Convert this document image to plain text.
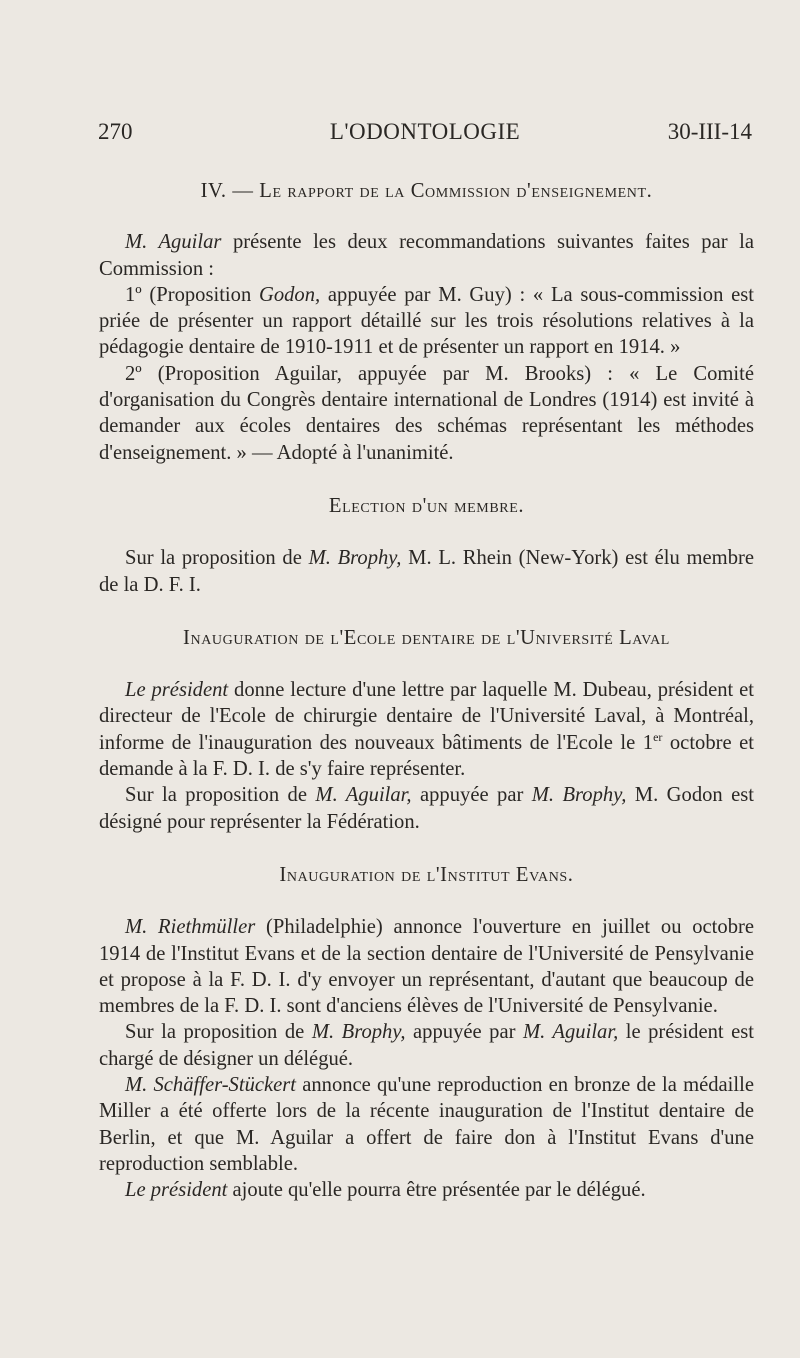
270	L'ODONTOLOGIE	30-III-14
IV. — Le rapport de la Commission d'enseignement.

M. Aguilar présente les deux recommandations suivantes faites par la Commission :

1º (Proposition Godon, appuyée par M. Guy) : « La sous-commission est priée de présenter un rapport détaillé sur les trois résolutions relatives à la pédagogie dentaire de 1910-1911 et de présenter un rapport en 1914. »

2º (Proposition Aguilar, appuyée par M. Brooks) : « Le Comité d'organisation du Congrès dentaire international de Londres (1914) est invité à demander aux écoles dentaires des schémas représentant les méthodes d'enseignement. » — Adopté à l'unanimité.

Election d'un membre.

Sur la proposition de M. Brophy, M. L. Rhein (New-York) est élu membre de la D. F. I.

Inauguration de l'Ecole dentaire de l'Université Laval

Le président donne lecture d'une lettre par laquelle M. Dubeau, président et directeur de l'Ecole de chirurgie dentaire de l'Université Laval, à Montréal, informe de l'inauguration des nouveaux bâtiments de l'Ecole le 1er octobre et demande à la F. D. I. de s'y faire représenter.

Sur la proposition de M. Aguilar, appuyée par M. Brophy, M. Godon est désigné pour représenter la Fédération.

Inauguration de l'Institut Evans.

M. Riethmüller (Philadelphie) annonce l'ouverture en juillet ou octobre 1914 de l'Institut Evans et de la section dentaire de l'Université de Pensylvanie et propose à la F. D. I. d'y envoyer un représentant, d'autant que beaucoup de membres de la F. D. I. sont d'anciens élèves de l'Université de Pensylvanie.

Sur la proposition de M. Brophy, appuyée par M. Aguilar, le président est chargé de désigner un délégué.

M. Schäffer-Stückert annonce qu'une reproduction en bronze de la médaille Miller a été offerte lors de la récente inauguration de l'Institut dentaire de Berlin, et que M. Aguilar a offert de faire don à l'Institut Evans d'une reproduction semblable.

Le président ajoute qu'elle pourra être présentée par le délégué.
